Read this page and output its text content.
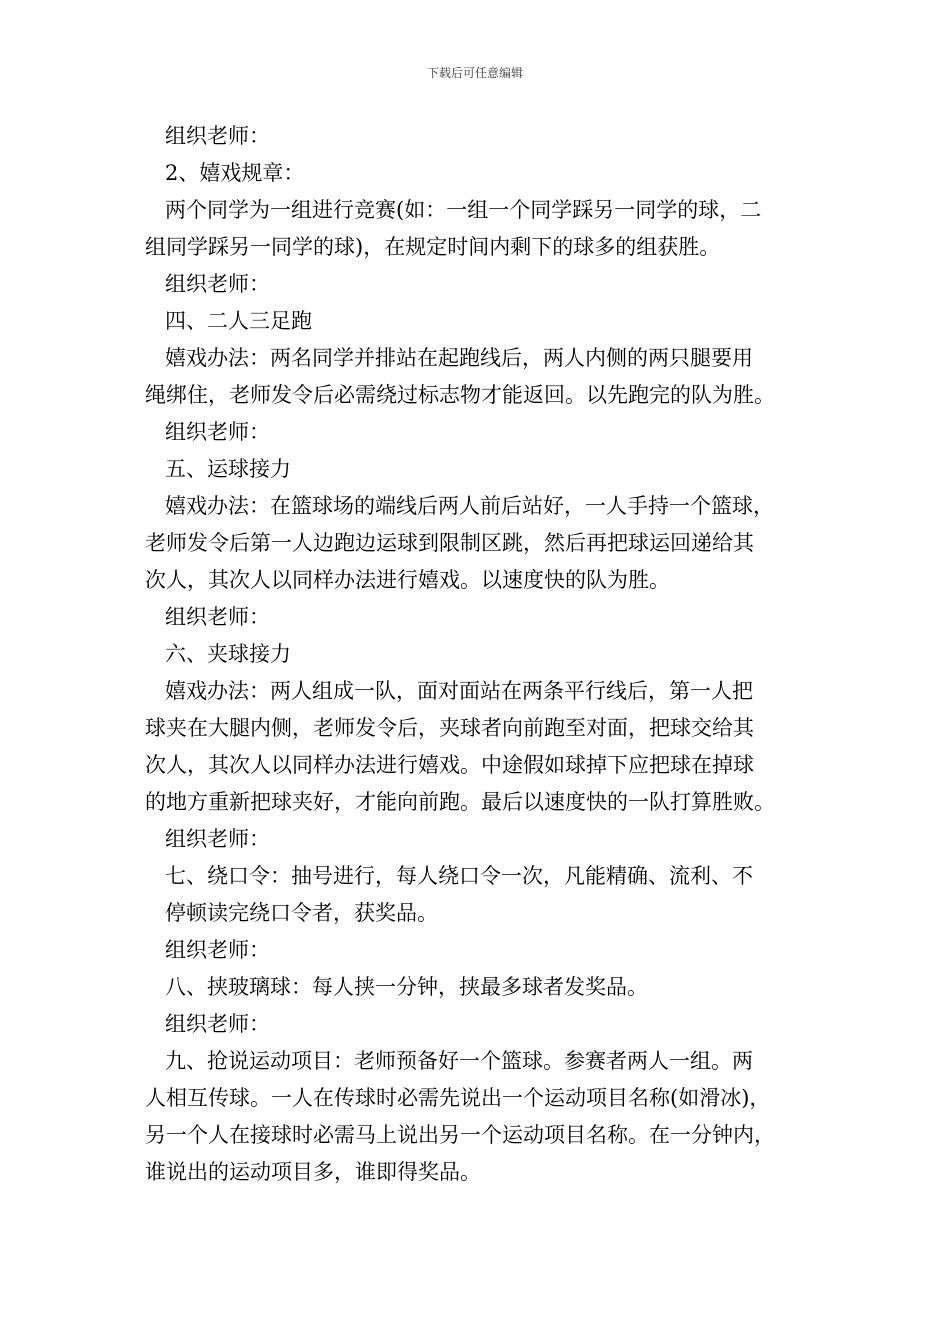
下载后可任意编辑
组织老师：
2、嬉戏规章：
两个同学为一组进行竞赛(如：一组一个同学踩另一同学的球，二
组同学踩另一同学的球)，在规定时间内剩下的球多的组获胜。
组织老师：
四、二人三足跑
嬉戏办法：两名同学并排站在起跑线后，两人内侧的两只腿要用
绳绑住，老师发令后必需绕过标志物才能返回。以先跑完的队为胜。
组织老师：
五、运球接力
嬉戏办法：在篮球场的端线后两人前后站好，一人手持一个篮球，
老师发令后第一人边跑边运球到限制区跳，然后再把球运回递给其
次人，其次人以同样办法进行嬉戏。以速度快的队为胜。
组织老师：
六、夹球接力
嬉戏办法：两人组成一队，面对面站在两条平行线后，第一人把
球夹在大腿内侧，老师发令后，夹球者向前跑至对面，把球交给其
次人，其次人以同样办法进行嬉戏。中途假如球掉下应把球在掉球
的地方重新把球夹好，才能向前跑。最后以速度快的一队打算胜败。
组织老师：
七、绕口令：抽号进行，每人绕口令一次，凡能精确、流利、不
停顿读完绕口令者，获奖品。
组织老师：
八、挟玻璃球：每人挟一分钟，挟最多球者发奖品。
组织老师：
九、抢说运动项目：老师预备好一个篮球。参赛者两人一组。两
人相互传球。一人在传球时必需先说出一个运动项目名称(如滑冰)，
另一个人在接球时必需马上说出另一个运动项目名称。在一分钟内，
谁说出的运动项目多，谁即得奖品。
